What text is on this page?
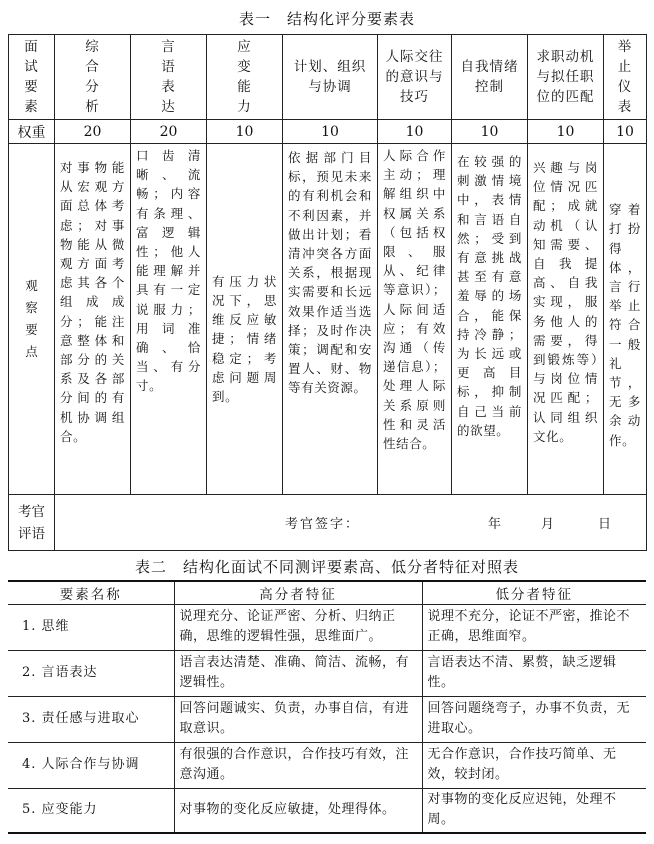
表一　结构化评分要素表
面试要素	综合分析	言语表达	应变能力	计划、组织与协调	人际交往的意识与技巧	自我情绪控制	求职动机与拟任职位的匹配	举止仪表
权重	20	20	10	10	10	10	10	10
观察要点	对事物能从宏观方面总体考虑；对事物能从微观方面考虑其各个组成成分；能注意整体和部分的关系及各部分间的有机协调组合。	口齿清晰、流畅；内容有条理、富逻辑性；他人能理解并具有一定说服力；用词准确、恰当、有分寸。	有压力状况下，思维反应敏捷；情绪稳定；考虑问题周到。	依据部门目标，预见未来的有利机会和不利因素，并做出计划；看清冲突各方面关系，根据现实需要和长远效果作适当选择；及时作决策；调配和安置人、财、物等有关资源。	人际合作主动；理解组织中权属关系（包括权限、服从、纪律等意识）；人际间适应；有效沟通（传递信息）；处理人际关系原则性和灵活性结合。	在较强的刺激情境中，表情和言语自然；受到有意挑战甚至有意羞辱的场合，能保持冷静；为长远或更高目标，抑制自己当前的欲望。	兴趣与岗位情况匹配；成就动机（认知需要、自我提高、自我实现，服务他人的需要，得到锻炼等）与岗位情况匹配；认同组织文化。	穿着打扮得体，言行举止符合一般礼节，无多余动作。
考官评语	考官签字： 年 月 日							
表二　结构化面试不同测评要素高、低分者特征对照表
要素名称	高分者特征	低分者特征
1. 思维	说理充分、论证严密、分析、归纳正确，思维的逻辑性强，思维面广。	说理不充分，论证不严密，推论不正确，思维面窄。
2. 言语表达	语言表达清楚、准确、简洁、流畅，有逻辑性。	言语表达不清、累赘，缺乏逻辑性。
3. 责任感与进取心	回答问题诚实、负责，办事自信，有进取意识。	回答问题绕弯子，办事不负责，无进取心。
4. 人际合作与协调	有很强的合作意识，合作技巧有效，注意沟通。	无合作意识，合作技巧简单、无效，较封闭。
5. 应变能力	对事物的变化反应敏捷，处理得体。	对事物的变化反应迟钝，处理不周。
